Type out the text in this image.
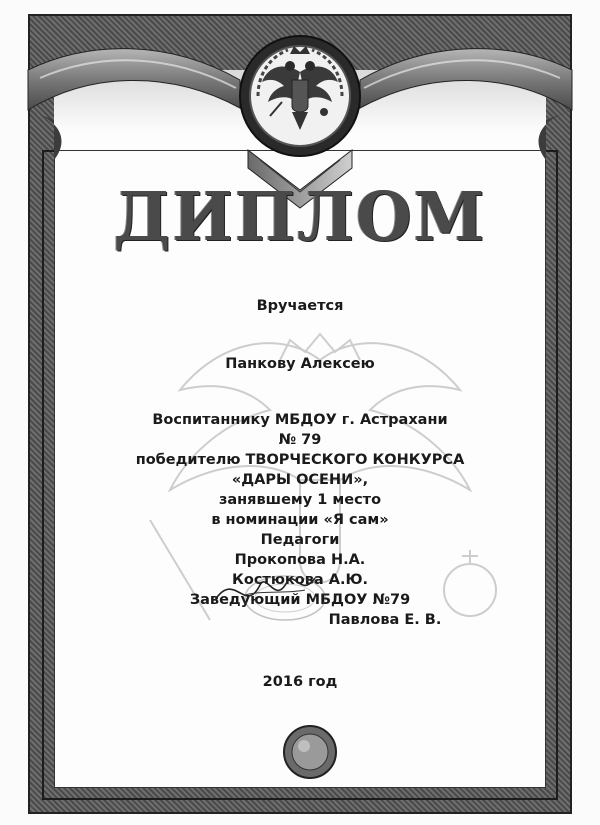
ДИПЛОМ
Вручается
Панкову Алексею
Воспитаннику МБДОУ г. Астрахани
№ 79
победителю ТВОРЧЕСКОГО КОНКУРСА
«ДАРЫ ОСЕНИ»,
занявшему 1 место
в номинации «Я сам»
Педагоги
Прокопова Н.А.
Костюкова А.Ю.
Заведующий МБДОУ №79
Павлова Е. В.
2016 год
